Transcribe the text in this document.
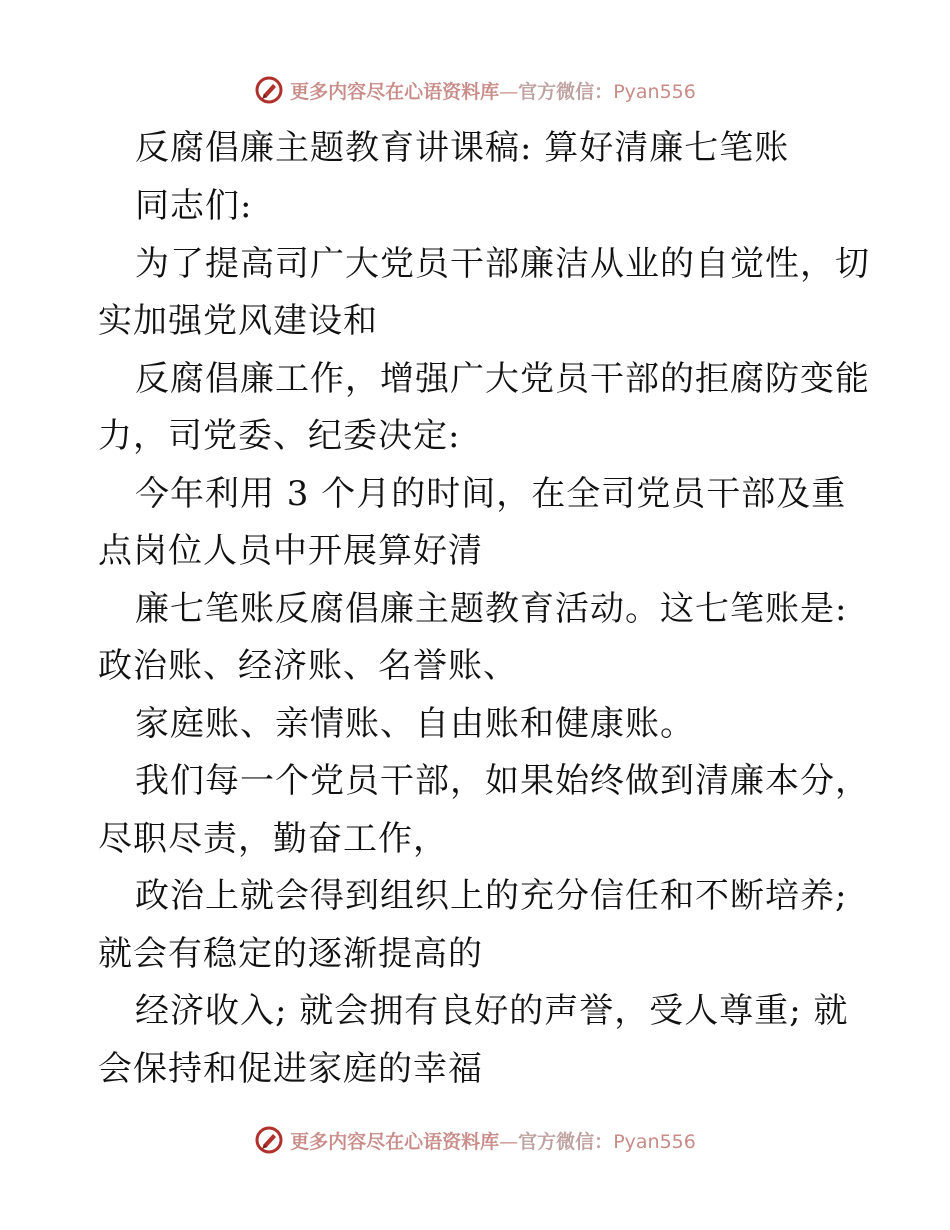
更多内容尽在心语资料库—官方微信：Pyan556
反腐倡廉主题教育讲课稿: 算好清廉七笔账
同志们:
为了提高司广大党员干部廉洁从业的自觉性，切
实加强党风建设和
反腐倡廉工作，增强广大党员干部的拒腐防变能
力，司党委、纪委决定:
今年利用 3 个月的时间，在全司党员干部及重
点岗位人员中开展算好清
廉七笔账反腐倡廉主题教育活动。这七笔账是:
政治账、经济账、名誉账、
家庭账、亲情账、自由账和健康账。
我们每一个党员干部，如果始终做到清廉本分，
尽职尽责，勤奋工作，
政治上就会得到组织上的充分信任和不断培养;
就会有稳定的逐渐提高的
经济收入; 就会拥有良好的声誉，受人尊重; 就
会保持和促进家庭的幸福
更多内容尽在心语资料库—官方微信：Pyan556
